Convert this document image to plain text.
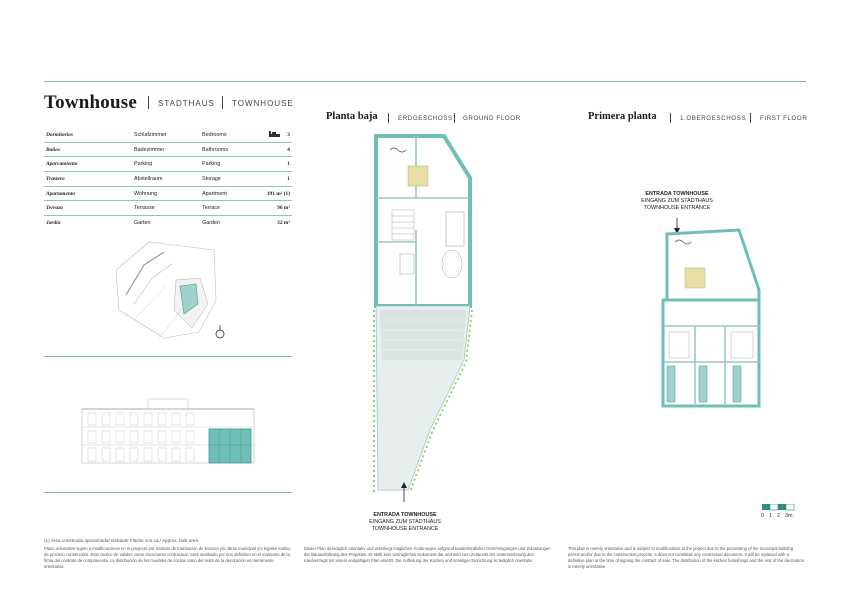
Townhouse	STADTHAUS TOWNHOUSE
Dormitorios	Schlafzimmer	Bedrooms	3
Baños	Badezimmer	Bathrooms	4
Aparcamiento	Parking	Parking	1
Trastero	Abstellraum	Storage	1
Apartamento	Wohnung	Apartment	191 m² (1)
Terraza	Terrasse	Terrace	96 m²
Jardín	Garten	Garden	32 m²
Planta baja	ERDGESCHOSS GROUND FLOOR	Primera planta	1.OBERGESCHOSS FIRST FLOOR
ENTRADA TOWNHOUSE
EINGANG ZUM STADTHAUS
TOWNHOUSE ENTRANCE
ENTRADA TOWNHOUSE
EINGANG ZUM STADTHAUS
TOWNHOUSE ENTRANCE
0 1 2 3m
(1) Área construida aproximada/ Gebaute Fläche von ca./ Approx. built area
Plano orientativo sujeto a modificaciones en el proyecto por motivos de tramitación de licencia y/u obras municipal y/o legales motivo de proceso constructivo. Este carece de validez como documento contractual. Será sustituido por uno definitivo en el momento de la firma del contrato de compraventa. La distribución de los muebles de cocina como del resto de la decoración es meramente orientativa.
Dieser Plan ist lediglich orientativ und unterliegt möglichen Änderungen aufgrund baubehördlicher Genehmigungen und Zulassungen der Bauausführung des Projektes. Er stellt kein vertragliches Dokument dar und wird zum Zeitpunkt der Unterzeichnung des Kaufvertrags mit einem endgültigen Plan ersetzt. Die Aufteilung der Küchen und sonstiger Einrichtung ist lediglich orientativ.
This plan is merely orientative and is subject to modifications to the project due to the processing of the municipal building permit and/or due to the construction process. It does not constitute any contractual document. It will be replaced with a definitive plan at the time of signing the contract of sale. The distribution of the kitchen furnishings and the rest of the decoration is merely orientative.
